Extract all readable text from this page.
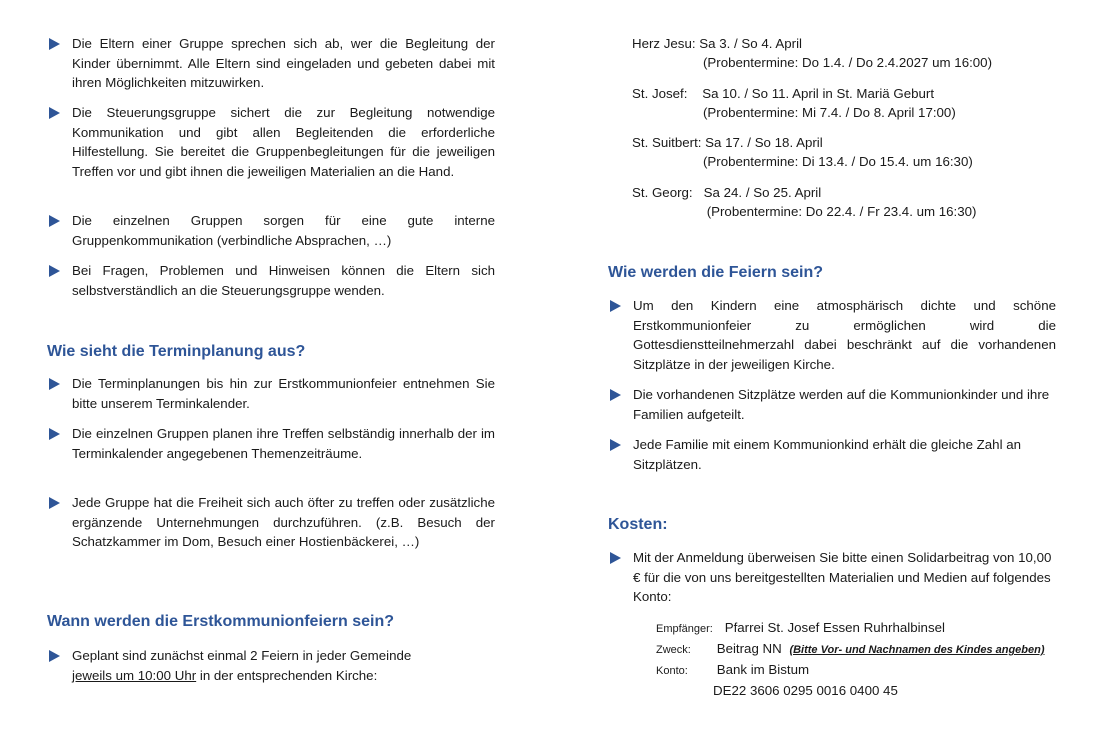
Die Eltern einer Gruppe sprechen sich ab, wer die Begleitung der Kinder übernimmt. Alle Eltern sind eingeladen und gebeten dabei mit ihren Möglichkeiten mitzuwirken.

Die Steuerungsgruppe sichert die zur Begleitung notwendige Kommunikation und gibt allen Begleitenden die erforderliche Hilfestellung. Sie bereitet die Gruppenbegleitungen für die jeweiligen Treffen vor und gibt ihnen die jeweiligen Materialien an die Hand.

Die einzelnen Gruppen sorgen für eine gute interne Gruppenkommunikation (verbindliche Absprachen, …)

Bei Fragen, Problemen und Hinweisen können die Eltern sich selbstverständlich an die Steuerungsgruppe wenden.

Wie sieht die Terminplanung aus?

Die Terminplanungen bis hin zur Erstkommunionfeier entnehmen Sie bitte unserem Terminkalender.

Die einzelnen Gruppen planen ihre Treffen selbständig innerhalb der im Terminkalender angegebenen Themenzeiträume.

Jede Gruppe hat die Freiheit sich auch öfter zu treffen oder zusätzliche ergänzende Unternehmungen durchzuführen. (z.B. Besuch der Schatzkammer im Dom, Besuch einer Hostienbäckerei, …)

Wann werden die Erstkommunionfeiern sein?

Geplant sind zunächst einmal 2 Feiern in jeder Gemeinde
jeweils um 10:00 Uhr in der entsprechenden Kirche:

Herz Jesu: Sa 3. / So 4. April
(Probentermine: Do 1.4. / Do 2.4.2027 um 16:00)
St. Josef:    Sa 10. / So 11. April in St. Mariä Geburt
(Probentermine: Mi 7.4. / Do 8. April 17:00)
St. Suitbert: Sa 17. / So 18. April
(Probentermine: Di 13.4. / Do 15.4. um 16:30)
St. Georg:   Sa 24. / So 25. April
(Probentermine: Do 22.4. / Fr 23.4. um 16:30)
Wie werden die Feiern sein?

Um den Kindern eine atmosphärisch dichte und schöne Erstkommunionfeier zu ermöglichen wird die Gottesdienstteilnehmerzahl dabei beschränkt auf die vorhandenen Sitzplätze in der jeweiligen Kirche.

Die vorhandenen Sitzplätze werden auf die Kommunionkinder und ihre Familien aufgeteilt.

Jede Familie mit einem Kommunionkind erhält die gleiche Zahl an Sitzplätzen.

Kosten:

Mit der Anmeldung überweisen Sie bitte einen Solidarbeitrag von 10,00 € für die von uns bereitgestellten Materialien und Medien auf folgendes Konto:

Empfänger: Pfarrei St. Josef Essen Ruhrhalbinsel
Zweck: Beitrag NN (Bitte Vor- und Nachnamen des Kindes angeben)
Konto: Bank im Bistum
DE22 3606 0295 0016 0400 45
